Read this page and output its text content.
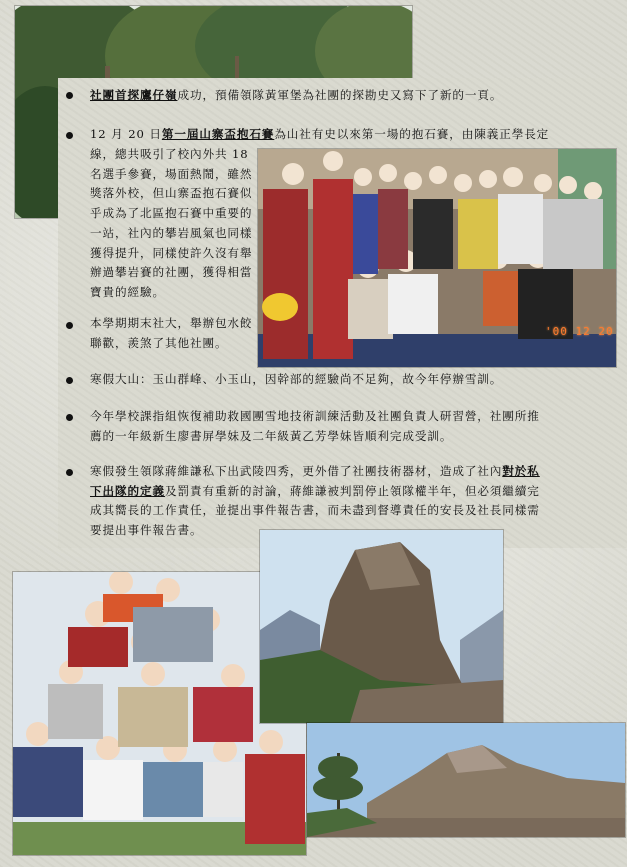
'00 12 20
社團首探鷹仔嶺成功，預備領隊黃軍堡為社團的探勘史又寫下了新的一頁。
12 月 20 日第一屆山寨盃抱石賽為山社有史以來第一場的抱石賽，由陳義正學長定
線，總共吸引了校內外共 18
名選手參賽，場面熱鬧，雖然
獎落外校，但山寨盃抱石賽似
乎成為了北區抱石賽中重要的
一站，社內的攀岩風氣也同樣
獲得提升，同樣使許久沒有舉
辦過攀岩賽的社團，獲得相當
寶貴的經驗。
本學期期末社大，舉辦包水餃
聯歡，羨煞了其他社團。
寒假大山：玉山群峰、小玉山，因幹部的經驗尚不足夠，故今年停辦雪訓。
今年學校課指組恢復補助救國團雪地技術訓練活動及社團負責人研習營，社團所推
薦的一年級新生廖書屏學妹及二年級黃乙芳學妹皆順利完成受訓。
寒假發生領隊蔣維謙私下出武陵四秀，更外借了社團技術器材，造成了社內對於私
下出隊的定義及罰責有重新的討論，蔣維謙被判罰停止領隊權半年，但必須繼續完
成其嚮長的工作責任，並提出事件報告書，而未盡到督導責任的安長及社長同樣需
要提出事件報告書。
